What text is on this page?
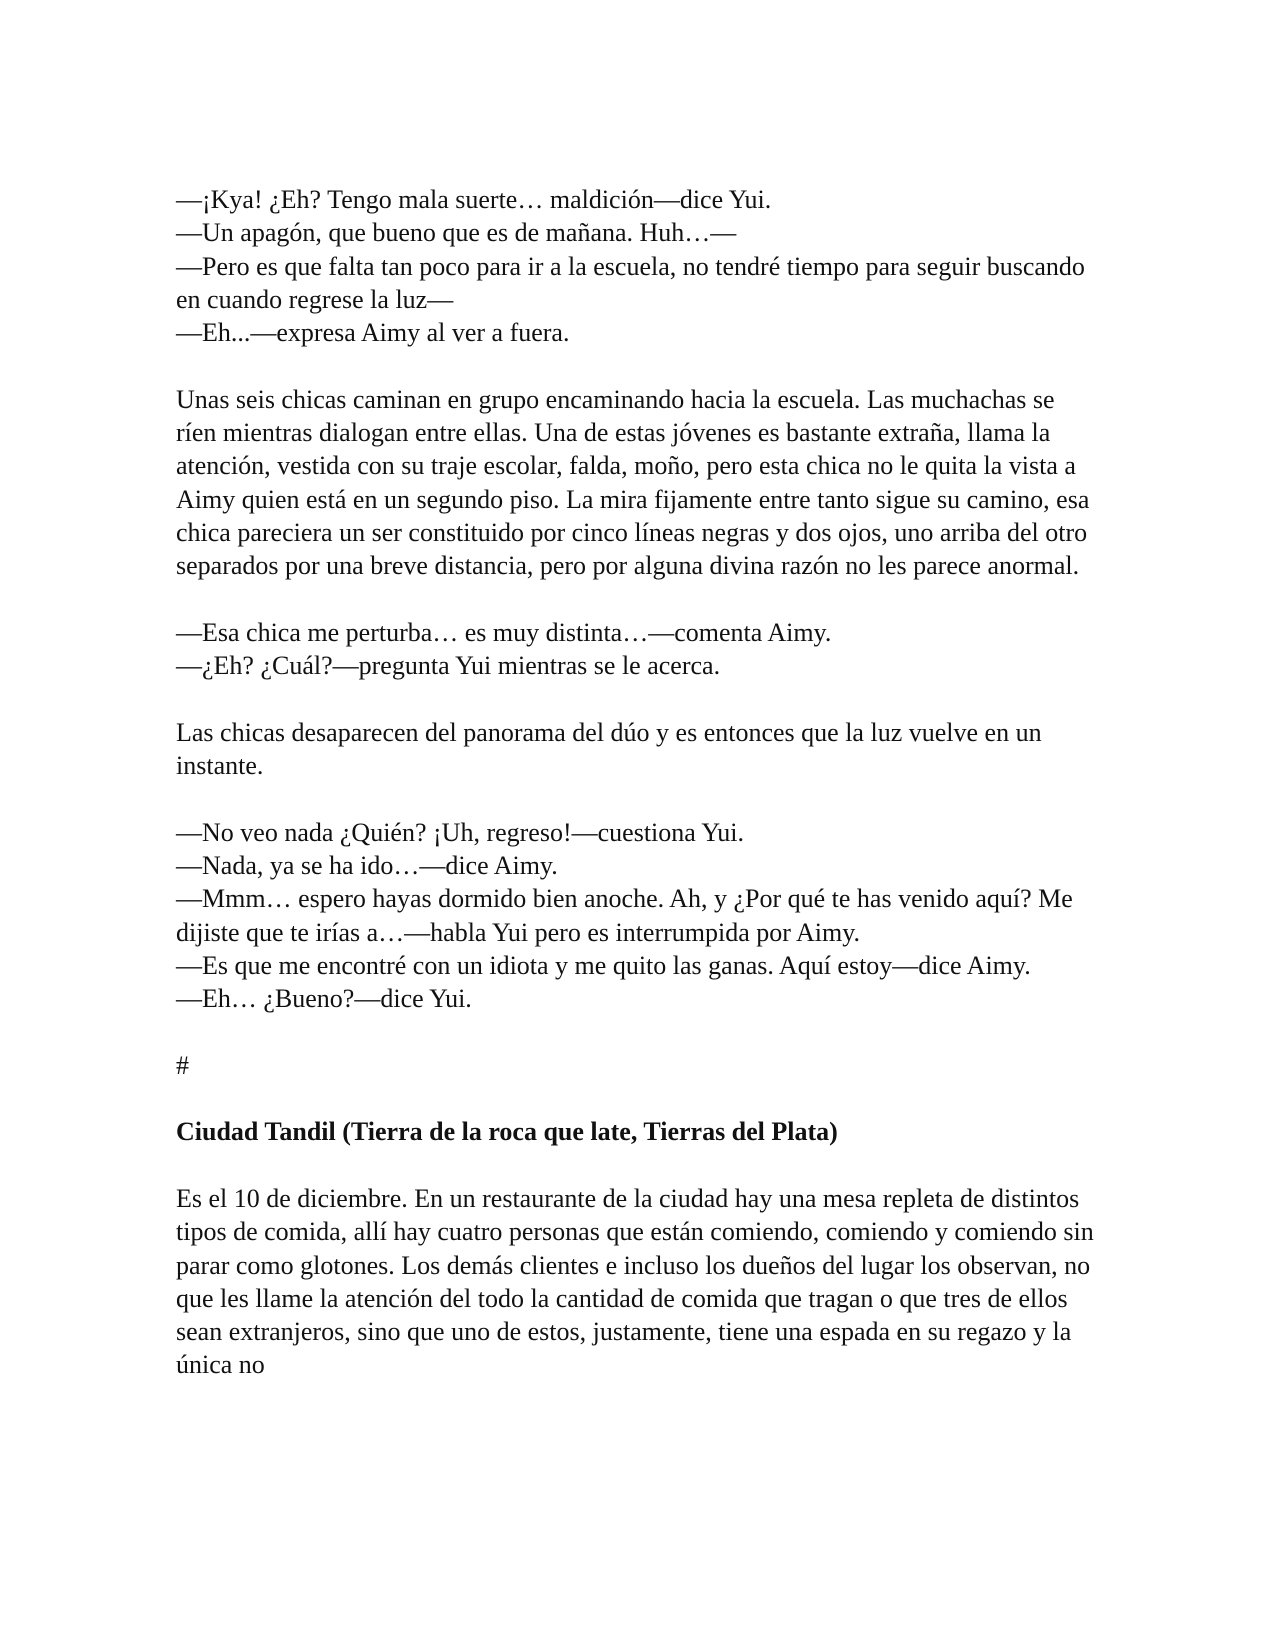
—¡Kya! ¿Eh? Tengo mala suerte… maldición—dice Yui.

—Un apagón, que bueno que es de mañana. Huh…—

—Pero es que falta tan poco para ir a la escuela, no tendré tiempo para seguir buscando en cuando regrese la luz—

—Eh...—expresa Aimy al ver a fuera.

Unas seis chicas caminan en grupo encaminando hacia la escuela. Las muchachas se ríen mientras dialogan entre ellas. Una de estas jóvenes es bastante extraña, llama la atención, vestida con su traje escolar, falda, moño, pero esta chica no le quita la vista a Aimy quien está en un segundo piso. La mira fijamente entre tanto sigue su camino, esa chica pareciera un ser constituido por cinco líneas negras y dos ojos, uno arriba del otro separados por una breve distancia, pero por alguna divina razón no les parece anormal.

—Esa chica me perturba… es muy distinta…—comenta Aimy.

—¿Eh? ¿Cuál?—pregunta Yui mientras se le acerca.

Las chicas desaparecen del panorama del dúo y es entonces que la luz vuelve en un instante.

—No veo nada ¿Quién? ¡Uh, regreso!—cuestiona Yui.

—Nada, ya se ha ido…—dice Aimy.

—Mmm… espero hayas dormido bien anoche. Ah, y ¿Por qué te has venido aquí? Me dijiste que te irías a…—habla Yui pero es interrumpida por Aimy.

—Es que me encontré con un idiota y me quito las ganas. Aquí estoy—dice Aimy.

—Eh… ¿Bueno?—dice Yui.

#

Ciudad Tandil (Tierra de la roca que late, Tierras del Plata)

Es el 10 de diciembre. En un restaurante de la ciudad hay una mesa repleta de distintos tipos de comida, allí hay cuatro personas que están comiendo, comiendo y comiendo sin parar como glotones. Los demás clientes e incluso los dueños del lugar los observan, no que les llame la atención del todo la cantidad de comida que tragan o que tres de ellos sean extranjeros, sino que uno de estos, justamente, tiene una espada en su regazo y la única no
